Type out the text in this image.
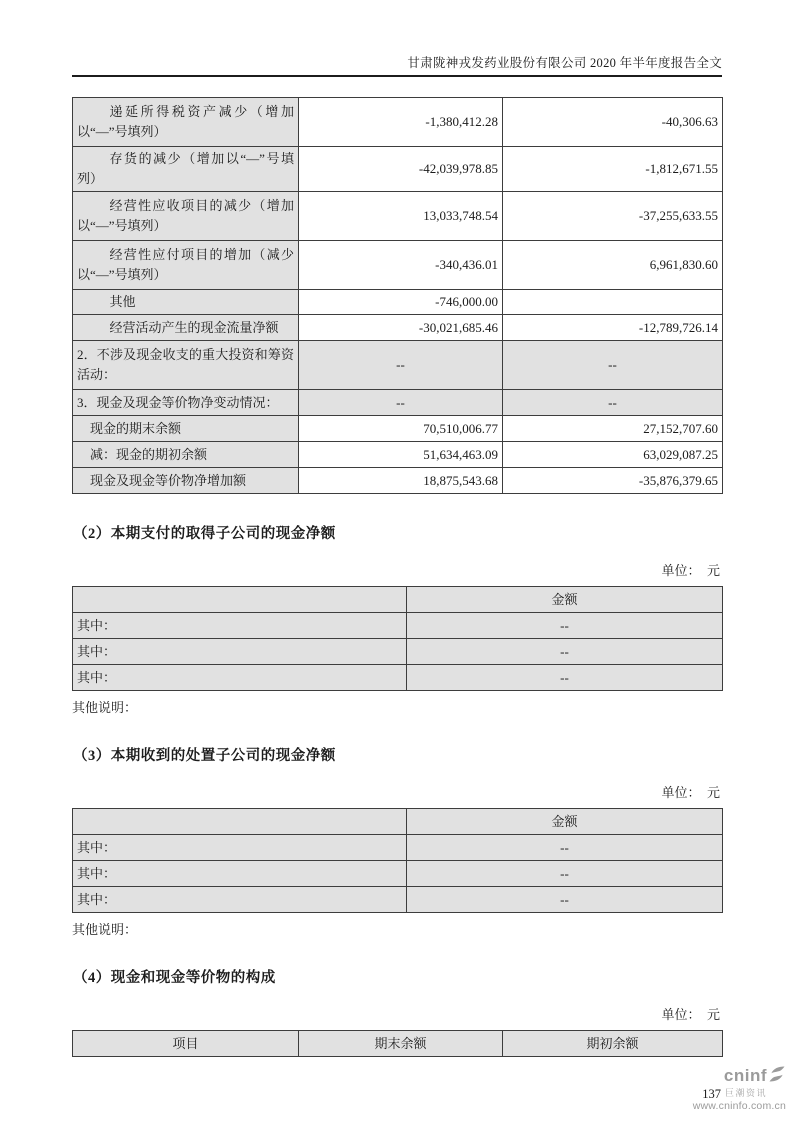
甘肃陇神戎发药业股份有限公司 2020 年半年度报告全文
递延所得税资产减少（增加以“—”号填列）	-1,380,412.28	-40,306.63
存货的减少（增加以“—”号填列）	-42,039,978.85	-1,812,671.55
经营性应收项目的减少（增加以“—”号填列）	13,033,748.54	-37,255,633.55
经营性应付项目的增加（减少以“—”号填列）	-340,436.01	6,961,830.60
其他	-746,000.00	
经营活动产生的现金流量净额	-30,021,685.46	-12,789,726.14
2．不涉及现金收支的重大投资和筹资活动：	--	--
3．现金及现金等价物净变动情况：	--	--
现金的期末余额	70,510,006.77	27,152,707.60
减：现金的期初余额	51,634,463.09	63,029,087.25
现金及现金等价物净增加额	18,875,543.68	-35,876,379.65
（2）本期支付的取得子公司的现金净额
单位：　元
	金额
其中：	--
其中：	--
其中：	--
其他说明：
（3）本期收到的处置子公司的现金净额
单位：　元
	金额
其中：	--
其中：	--
其中：	--
其他说明：
（4）现金和现金等价物的构成
单位：　元
项目	期末余额	期初余额
137
cninf
巨潮资讯
www.cninfo.com.cn
